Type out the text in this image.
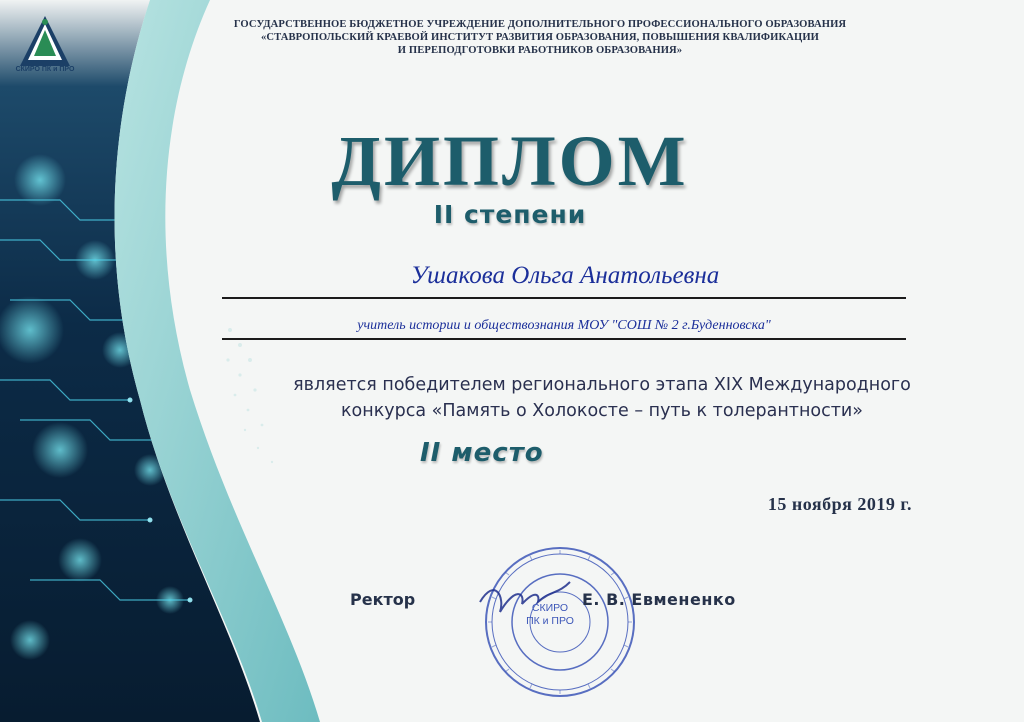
СКИРО ПК и ПРО
ГОСУДАРСТВЕННОЕ БЮДЖЕТНОЕ УЧРЕЖДЕНИЕ ДОПОЛНИТЕЛЬНОГО ПРОФЕССИОНАЛЬНОГО ОБРАЗОВАНИЯ
«СТАВРОПОЛЬСКИЙ КРАЕВОЙ ИНСТИТУТ РАЗВИТИЯ ОБРАЗОВАНИЯ, ПОВЫШЕНИЯ КВАЛИФИКАЦИИ
И ПЕРЕПОДГОТОВКИ РАБОТНИКОВ ОБРАЗОВАНИЯ»
ДИПЛОМ
II степени
Ушакова Ольга Анатольевна
учитель истории и обществознания МОУ "СОШ № 2 г.Буденновска"
является победителем регионального этапа XIX Международного
конкурса «Память о Холокосте – путь к толерантности»
II место
15 ноября 2019 г.
СКИРО
ПК и ПРО
Ректор	Е. В. Евмененко
